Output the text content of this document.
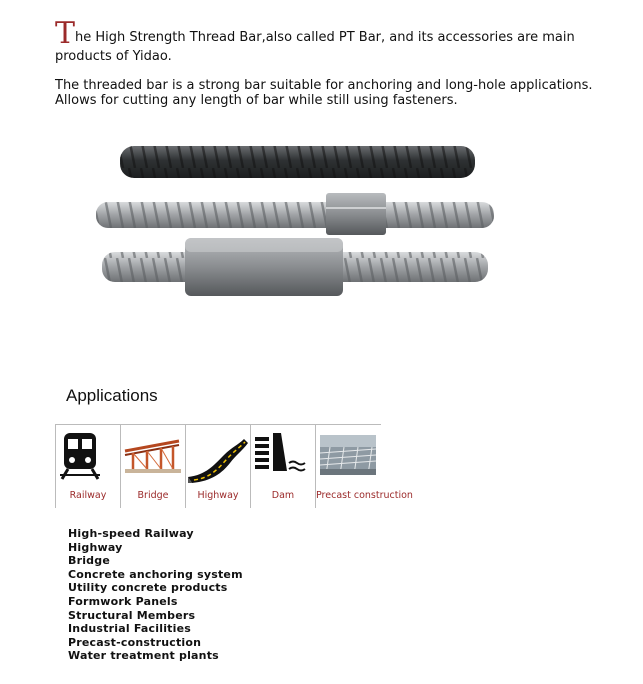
The High Strength Thread Bar,also called PT Bar, and its accessories are main products of Yidao.
The threaded bar is a strong bar suitable for anchoring and long-hole applications.
Allows for cutting any length of bar while still using fasteners.
Applications
Railway	Bridge	Highway	Dam	Precast construction
High-speed Railway
Highway
Bridge
Concrete anchoring system
Utility concrete products
Formwork Panels
Structural Members
Industrial Facilities
Precast-construction
Water treatment plants
